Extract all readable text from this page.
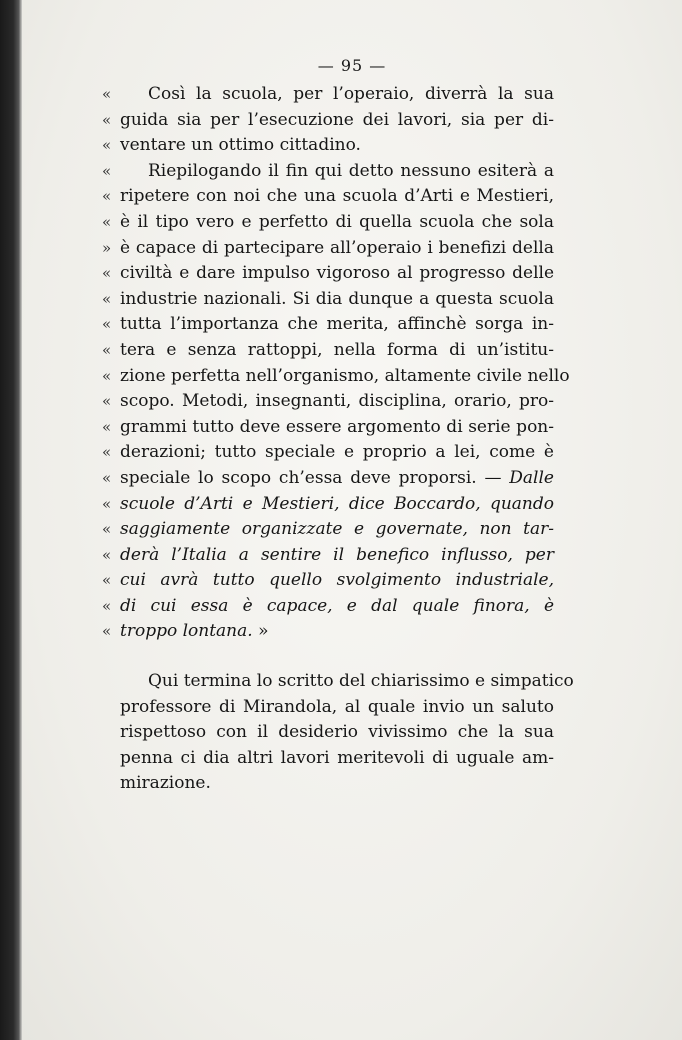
— 95 —
« Così la scuola, per l’operaio, diverrà la sua
« guida sia per l’esecuzione dei lavori, sia per di-
« ventare un ottimo cittadino.
« Riepilogando il fin qui detto nessuno esiterà a
« ripetere con noi che una scuola d’Arti e Mestieri,
« è il tipo vero e perfetto di quella scuola che sola
» è capace di partecipare all’operaio i benefizi della
« civiltà e dare impulso vigoroso al progresso delle
« industrie nazionali. Si dia dunque a questa scuola
« tutta l’importanza che merita, affinchè sorga in-
« tera e senza rattoppi, nella forma di un’istitu-
« zione perfetta nell’organismo, altamente civile nello
« scopo. Metodi, insegnanti, disciplina, orario, pro-
« grammi tutto deve essere argomento di serie pon-
« derazioni; tutto speciale e proprio a lei, come è
« speciale lo scopo ch’essa deve proporsi. — Dalle
« scuole d’Arti e Mestieri, dice Boccardo, quando
« saggiamente organizzate e governate, non tar-
« derà l’Italia a sentire il benefico influsso, per
« cui avrà tutto quello svolgimento industriale,
« di cui essa è capace, e dal quale finora, è
« troppo lontana. »
Qui termina lo scritto del chiarissimo e simpatico
professore di Mirandola, al quale invio un saluto
rispettoso con il desiderio vivissimo che la sua
penna ci dia altri lavori meritevoli di uguale am-
mirazione.
